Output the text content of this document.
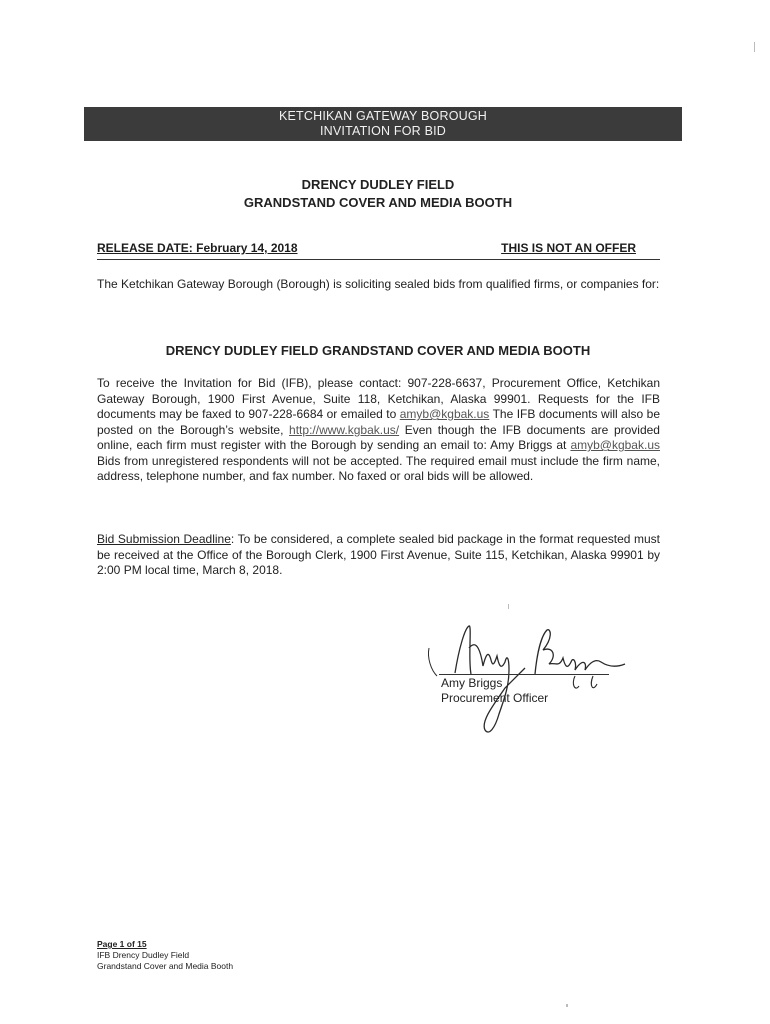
KETCHIKAN GATEWAY BOROUGH
INVITATION FOR BID
DRENCY DUDLEY FIELD
GRANDSTAND COVER AND MEDIA BOOTH
RELEASE DATE: February 14, 2018	THIS IS NOT AN OFFER
The Ketchikan Gateway Borough (Borough) is soliciting sealed bids from qualified firms, or companies for:
DRENCY DUDLEY FIELD GRANDSTAND COVER AND MEDIA BOOTH
To receive the Invitation for Bid (IFB), please contact: 907-228-6637, Procurement Office, Ketchikan Gateway Borough, 1900 First Avenue, Suite 118, Ketchikan, Alaska 99901. Requests for the IFB documents may be faxed to 907-228-6684 or emailed to amyb@kgbak.us The IFB documents will also be posted on the Borough’s website, http://www.kgbak.us/ Even though the IFB documents are provided online, each firm must register with the Borough by sending an email to: Amy Briggs at amyb@kgbak.us Bids from unregistered respondents will not be accepted. The required email must include the firm name, address, telephone number, and fax number. No faxed or oral bids will be allowed.
Bid Submission Deadline: To be considered, a complete sealed bid package in the format requested must be received at the Office of the Borough Clerk, 1900 First Avenue, Suite 115, Ketchikan, Alaska 99901 by 2:00 PM local time, March 8, 2018.
Amy Briggs
Procurement Officer
Page 1 of 15
IFB Drency Dudley Field
Grandstand Cover and Media Booth
